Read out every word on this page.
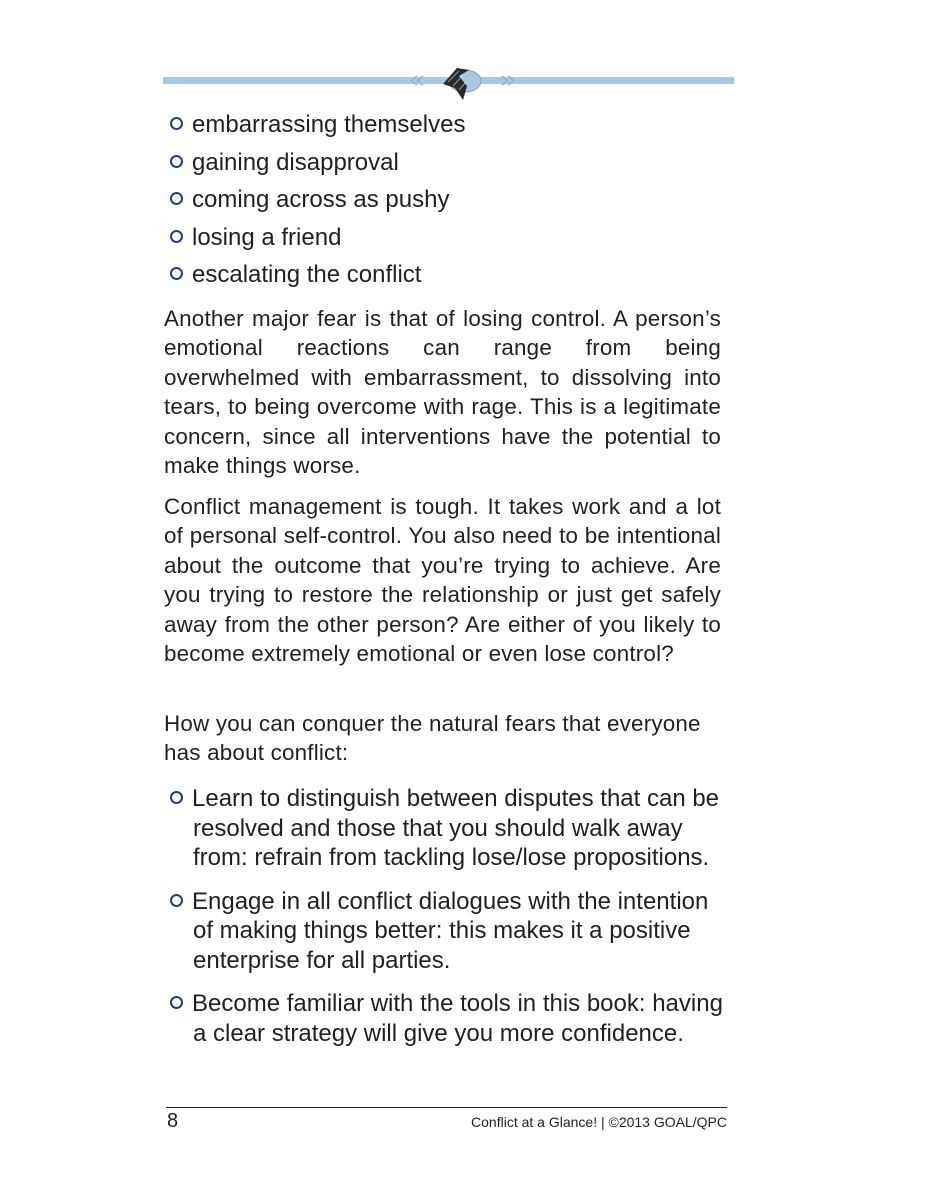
embarrassing themselves
gaining disapproval
coming across as pushy
losing a friend
escalating the conflict

Another major fear is that of losing control. A person’s emotional reactions can range from being overwhelmed with embarrassment, to dissolving into tears, to being overcome with rage. This is a legitimate concern, since all interventions have the potential to make things worse.

Conflict management is tough. It takes work and a lot of personal self-control. You also need to be intentional about the outcome that you’re trying to achieve. Are you trying to restore the relationship or just get safely away from the other person? Are either of you likely to become extremely emotional or even lose control?

How you can conquer the natural fears that everyone has about conflict:

Learn to distinguish between disputes that can be resolved and those that you should walk away from: refrain from tackling lose/lose propositions.
Engage in all conflict dialogues with the intention of making things better: this makes it a positive enterprise for all parties.
Become familiar with the tools in this book: having a clear strategy will give you more confidence.
8	Conflict at a Glance! | ©2013 GOAL/QPC
